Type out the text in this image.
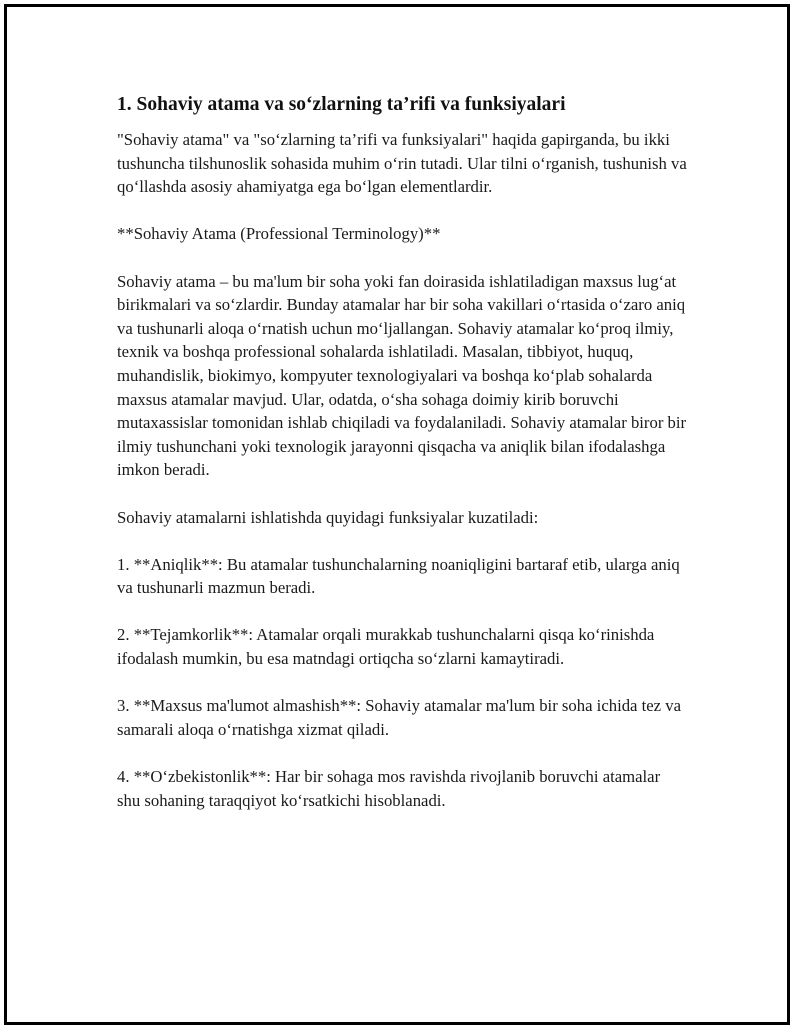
1. Sohaviy atama va so‘zlarning ta’rifi va funksiyalari

"Sohaviy atama" va "so‘zlarning ta’rifi va funksiyalari" haqida gapirganda, bu ikki tushuncha tilshunoslik sohasida muhim o‘rin tutadi. Ular tilni o‘rganish, tushunish va qo‘llashda asosiy ahamiyatga ega bo‘lgan elementlardir.

**Sohaviy Atama (Professional Terminology)**

Sohaviy atama – bu ma'lum bir soha yoki fan doirasida ishlatiladigan maxsus lug‘at birikmalari va so‘zlardir. Bunday atamalar har bir soha vakillari o‘rtasida o‘zaro aniq va tushunarli aloqa o‘rnatish uchun mo‘ljallangan. Sohaviy atamalar ko‘proq ilmiy, texnik va boshqa professional sohalarda ishlatiladi. Masalan, tibbiyot, huquq, muhandislik, biokimyo, kompyuter texnologiyalari va boshqa ko‘plab sohalarda maxsus atamalar mavjud. Ular, odatda, o‘sha sohaga doimiy kirib boruvchi mutaxassislar tomonidan ishlab chiqiladi va foydalaniladi. Sohaviy atamalar biror bir ilmiy tushunchani yoki texnologik jarayonni qisqacha va aniqlik bilan ifodalashga imkon beradi.

Sohaviy atamalarni ishlatishda quyidagi funksiyalar kuzatiladi:

1. **Aniqlik**: Bu atamalar tushunchalarning noaniqligini bartaraf etib, ularga aniq va tushunarli mazmun beradi.

2. **Tejamkorlik**: Atamalar orqali murakkab tushunchalarni qisqa ko‘rinishda ifodalash mumkin, bu esa matndagi ortiqcha so‘zlarni kamaytiradi.

3. **Maxsus ma'lumot almashish**: Sohaviy atamalar ma'lum bir soha ichida tez va samarali aloqa o‘rnatishga xizmat qiladi.

4. **O‘zbekistonlik**: Har bir sohaga mos ravishda rivojlanib boruvchi atamalar shu sohaning taraqqiyot ko‘rsatkichi hisoblanadi.
